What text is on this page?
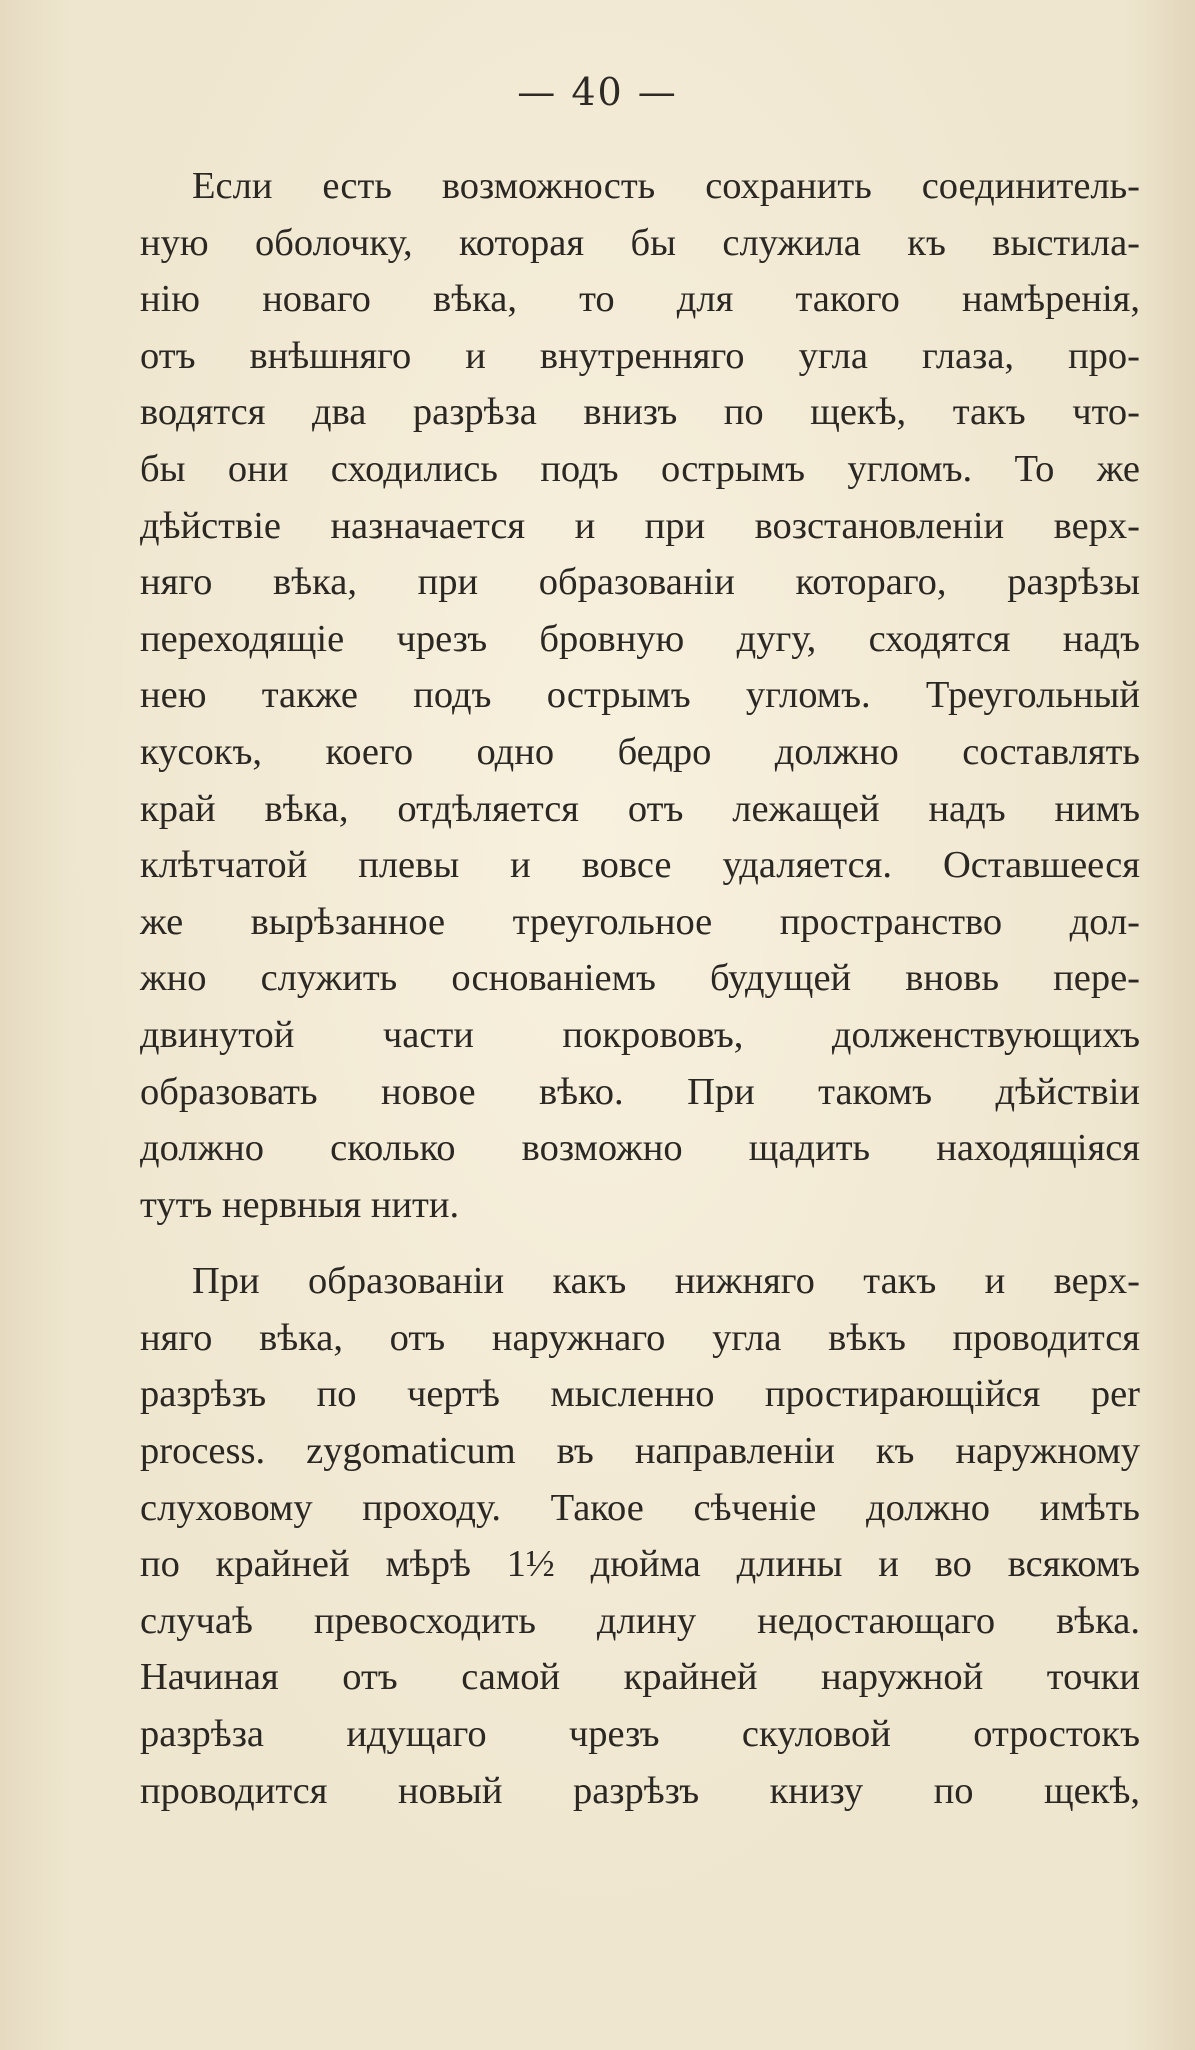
— 40 —
Если есть возможность сохранить соединитель-
ную оболочку, которая бы служила къ выстила-
нію новаго вѣка, то для такого намѣренія,
отъ внѣшняго и внутренняго угла глаза, про-
водятся два разрѣза внизъ по щекѣ, такъ что-
бы они сходились подъ острымъ угломъ. То же
дѣйствіе назначается и при возстановленіи верх-
няго вѣка, при образованіи котораго, разрѣзы
переходящіе чрезъ бровную дугу, сходятся надъ
нею также подъ острымъ угломъ. Треугольный
кусокъ, коего одно бедро должно составлять
край вѣка, отдѣляется отъ лежащей надъ нимъ
клѣтчатой плевы и вовсе удаляется. Оставшееся
же вырѣзанное треугольное пространство дол-
жно служить основаніемъ будущей вновь пере-
двинутой части покрововъ, долженствующихъ
образовать новое вѣко. При такомъ дѣйствіи
должно сколько возможно щадить находящіяся
тутъ нервныя нити.
При образованіи какъ нижняго такъ и верх-
няго вѣка, отъ наружнаго угла вѣкъ проводится
разрѣзъ по чертѣ мысленно простирающійся per
process. zygomaticum въ направленіи къ наружному
слуховому проходу. Такое сѣченіе должно имѣть
по крайней мѣрѣ 1½ дюйма длины и во всякомъ
случаѣ превосходить длину недостающаго вѣка.
Начиная отъ самой крайней наружной точки
разрѣза идущаго чрезъ скуловой отростокъ
проводится новый разрѣзъ книзу по щекѣ,
